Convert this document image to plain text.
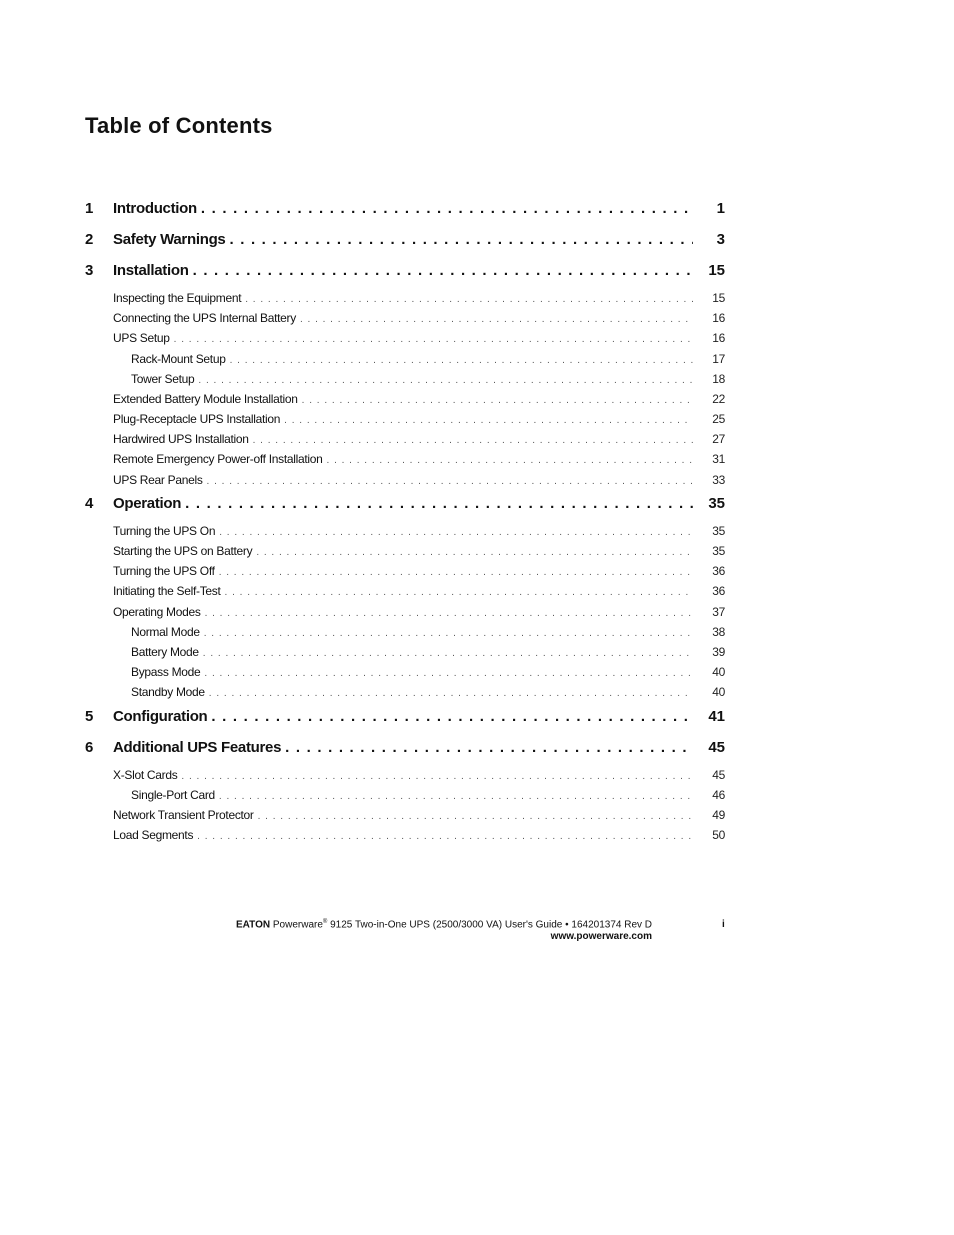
Table of Contents
1	Introduction . . .	1
2	Safety Warnings . . .	3
3	Installation . . .	15
Inspecting the Equipment . . .	15
Connecting the UPS Internal Battery . . .	16
UPS Setup . . .	16
Rack-Mount Setup . . .	17
Tower Setup . . .	18
Extended Battery Module Installation . . .	22
Plug-Receptacle UPS Installation . . .	25
Hardwired UPS Installation . . .	27
Remote Emergency Power-off Installation . . .	31
UPS Rear Panels . . .	33
4	Operation . . .	35
Turning the UPS On . . .	35
Starting the UPS on Battery . . .	35
Turning the UPS Off . . .	36
Initiating the Self-Test . . .	36
Operating Modes . . .	37
Normal Mode . . .	38
Battery Mode . . .	39
Bypass Mode . . .	40
Standby Mode . . .	40
5	Configuration . . .	41
6	Additional UPS Features . . .	45
X-Slot Cards . . .	45
Single-Port Card . . .	46
Network Transient Protector . . .	49
Load Segments . . .	50
EATON Powerware® 9125 Two-in-One UPS (2500/3000 VA) User's Guide • 164201374 Rev D
www.powerware.com
i
